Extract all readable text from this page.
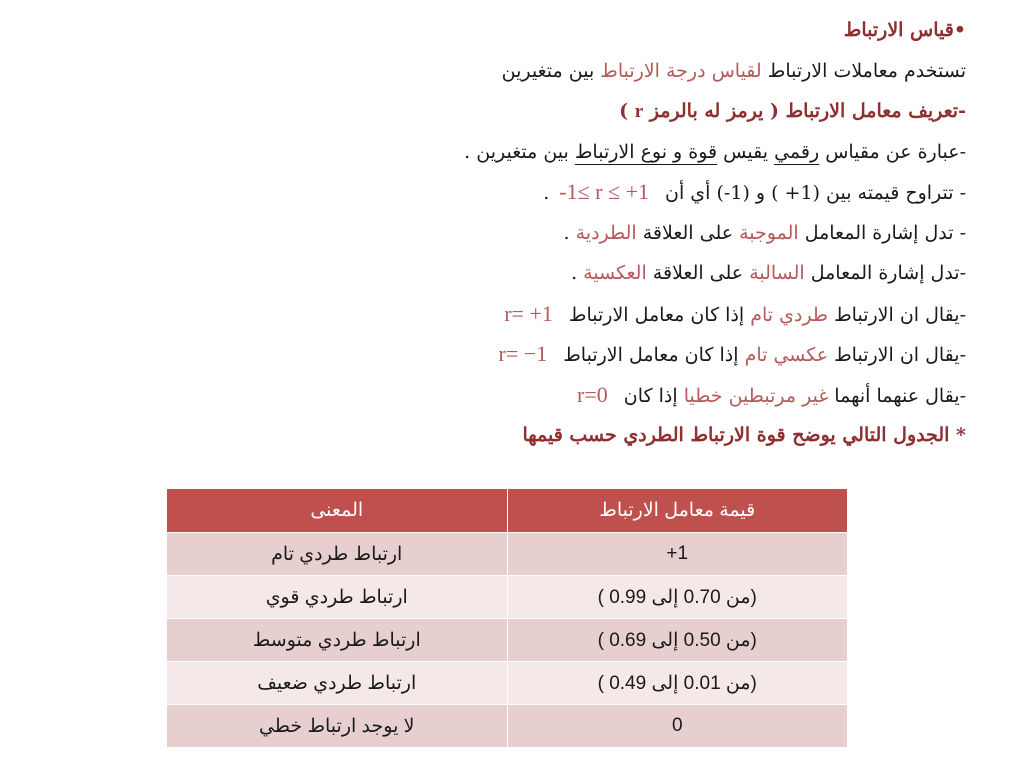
•قياس الارتباط
تستخدم معاملات الارتباط لقياس درجة الارتباط بين متغيرين
-تعريف معامل الارتباط ( يرمز له بالرمز r )
-عبارة عن مقياس رقمي يقيس قوة و نوع الارتباط بين متغيرين .
- تتراوح قيمته بين (1+ ) و (1-) أي أن -1≤ r ≤ +1.
- تدل إشارة المعامل الموجبة على العلاقة الطردية .
-تدل إشارة المعامل السالبة على العلاقة العكسية .
-يقال ان الارتباط طردي تام إذا كان معامل الارتباط r= +1
-يقال ان الارتباط عكسي تام إذا كان معامل الارتباط r= −1
-يقال عنهما أنهما غير مرتبطين خطيا إذا كان r=0
* الجدول التالي يوضح قوة الارتباط الطردي حسب قيمها
قيمة معامل الارتباط	المعنى
+1	ارتباط طردي تام
(من 0.70 إلى 0.99 )	ارتباط طردي قوي
(من 0.50 إلى 0.69 )	ارتباط طردي متوسط
(من 0.01 إلى 0.49 )	ارتباط طردي ضعيف
0	لا يوجد ارتباط خطي
